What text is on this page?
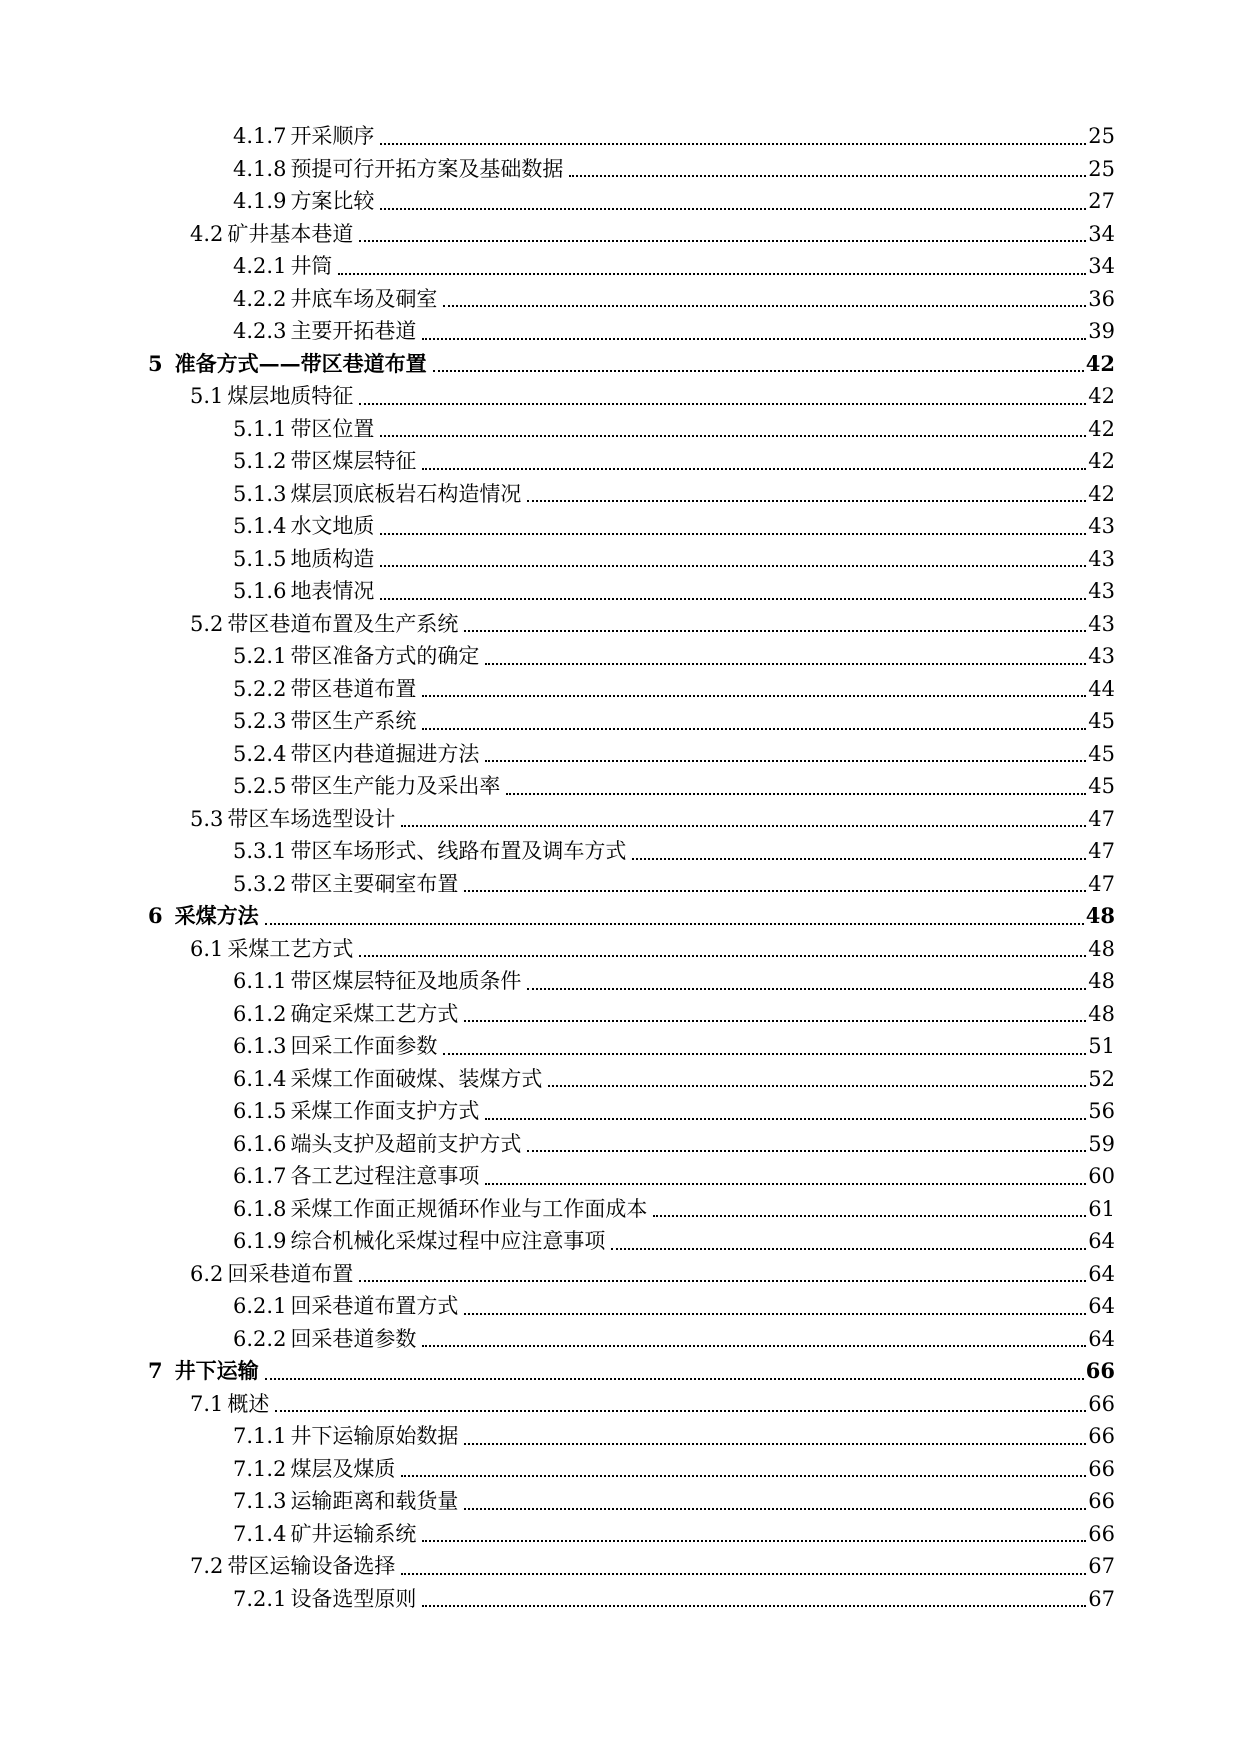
4.1.7 开采顺序	25
4.1.8 预提可行开拓方案及基础数据	25
4.1.9 方案比较	27
4.2 矿井基本巷道	34
4.2.1 井筒	34
4.2.2 井底车场及硐室	36
4.2.3 主要开拓巷道	39
5 准备方式——带区巷道布置	42
5.1 煤层地质特征	42
5.1.1 带区位置	42
5.1.2 带区煤层特征	42
5.1.3 煤层顶底板岩石构造情况	42
5.1.4 水文地质	43
5.1.5 地质构造	43
5.1.6 地表情况	43
5.2 带区巷道布置及生产系统	43
5.2.1 带区准备方式的确定	43
5.2.2 带区巷道布置	44
5.2.3 带区生产系统	45
5.2.4 带区内巷道掘进方法	45
5.2.5 带区生产能力及采出率	45
5.3 带区车场选型设计	47
5.3.1 带区车场形式、线路布置及调车方式	47
5.3.2 带区主要硐室布置	47
6 采煤方法	48
6.1 采煤工艺方式	48
6.1.1 带区煤层特征及地质条件	48
6.1.2 确定采煤工艺方式	48
6.1.3 回采工作面参数	51
6.1.4 采煤工作面破煤、装煤方式	52
6.1.5 采煤工作面支护方式	56
6.1.6 端头支护及超前支护方式	59
6.1.7 各工艺过程注意事项	60
6.1.8 采煤工作面正规循环作业与工作面成本	61
6.1.9 综合机械化采煤过程中应注意事项	64
6.2 回采巷道布置	64
6.2.1 回采巷道布置方式	64
6.2.2 回采巷道参数	64
7 井下运输	66
7.1 概述	66
7.1.1 井下运输原始数据	66
7.1.2 煤层及煤质	66
7.1.3 运输距离和载货量	66
7.1.4 矿井运输系统	66
7.2 带区运输设备选择	67
7.2.1 设备选型原则	67
